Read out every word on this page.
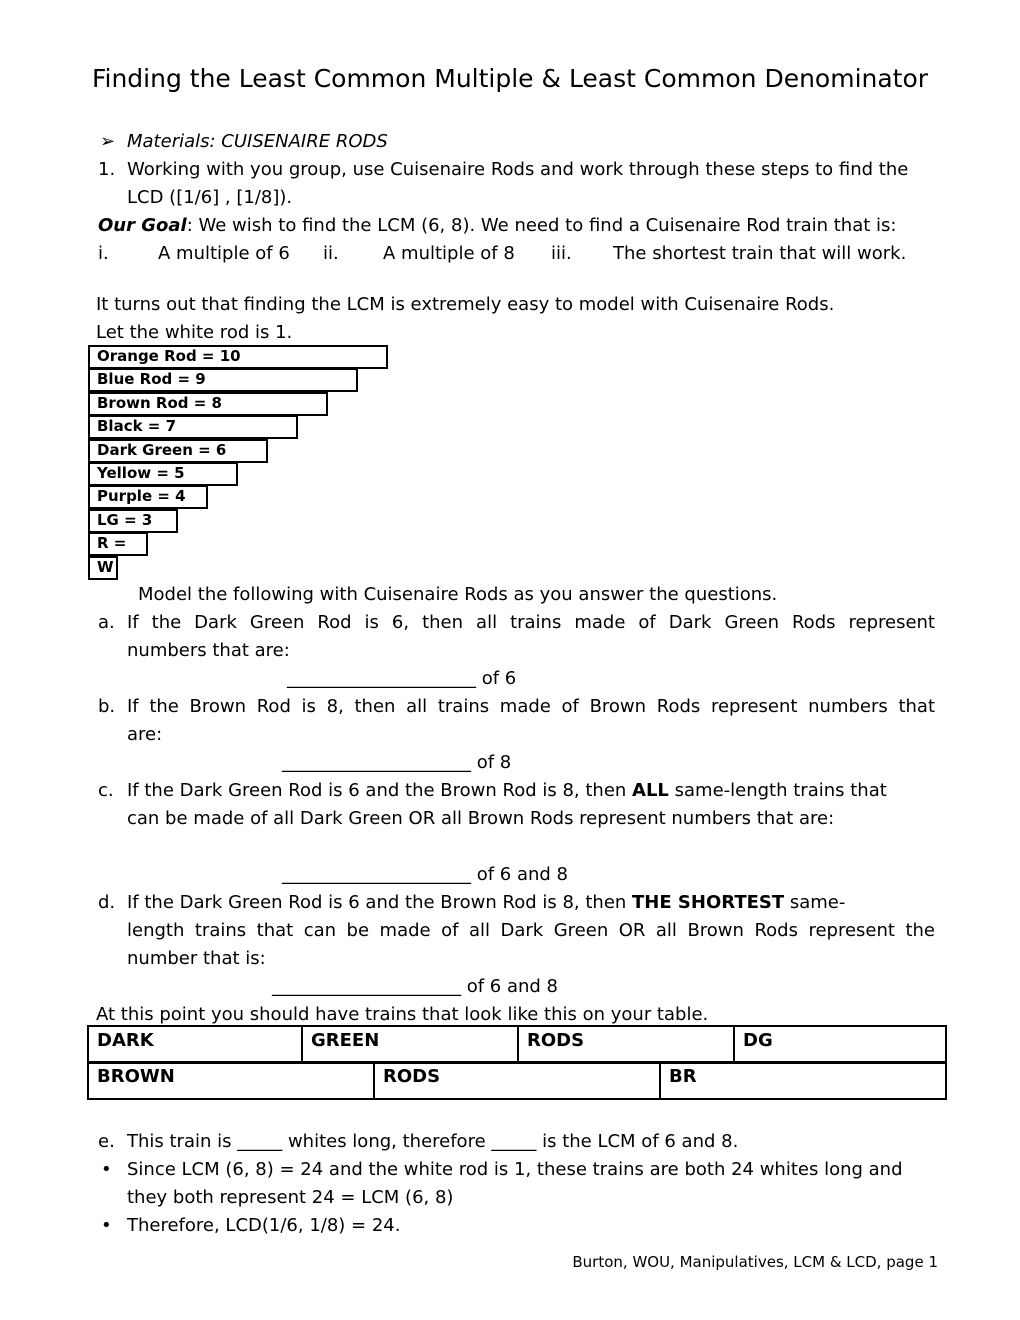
Finding the Least Common Multiple & Least Common Denominator
➢ Materials: CUISENAIRE RODS
1. Working with you group, use Cuisenaire Rods and work through these steps to find the
LCD ([1/6] , [1/8]).
Our Goal: We wish to find the LCM (6, 8). We need to find a Cuisenaire Rod train that is:
i.	A multiple of 6 ii. A multiple of 8 iii. The shortest train that will work.
It turns out that finding the LCM is extremely easy to model with Cuisenaire Rods.
Let the white rod is 1.
Orange Rod = 10
Blue Rod = 9
Brown Rod = 8
Black = 7
Dark Green = 6
Yellow = 5
Purple = 4
LG = 3
R =
W
Model the following with Cuisenaire Rods as you answer the questions.
a. If the Dark Green Rod is 6, then all trains made of Dark Green Rods represent
numbers that are:
_____________________ of 6
b. If the Brown Rod is 8, then all trains made of Brown Rods represent numbers that
are:
_____________________ of 8
c. If the Dark Green Rod is 6 and the Brown Rod is 8, then ALL same-length trains that
can be made of all Dark Green OR all Brown Rods represent numbers that are:
_____________________ of 6 and 8
d. If the Dark Green Rod is 6 and the Brown Rod is 8, then THE SHORTEST same-
length trains that can be made of all Dark Green OR all Brown Rods represent the
number that is:
_____________________ of 6 and 8
At this point you should have trains that look like this on your table.
DARK	GREEN	RODS	DG
BROWN	RODS	BR
e. This train is _____ whites long, therefore _____ is the LCM of 6 and 8.
• Since LCM (6, 8) = 24 and the white rod is 1, these trains are both 24 whites long and
they both represent 24 = LCM (6, 8)
• Therefore, LCD(1/6, 1/8) = 24.
Burton, WOU, Manipulatives, LCM & LCD, page 1
